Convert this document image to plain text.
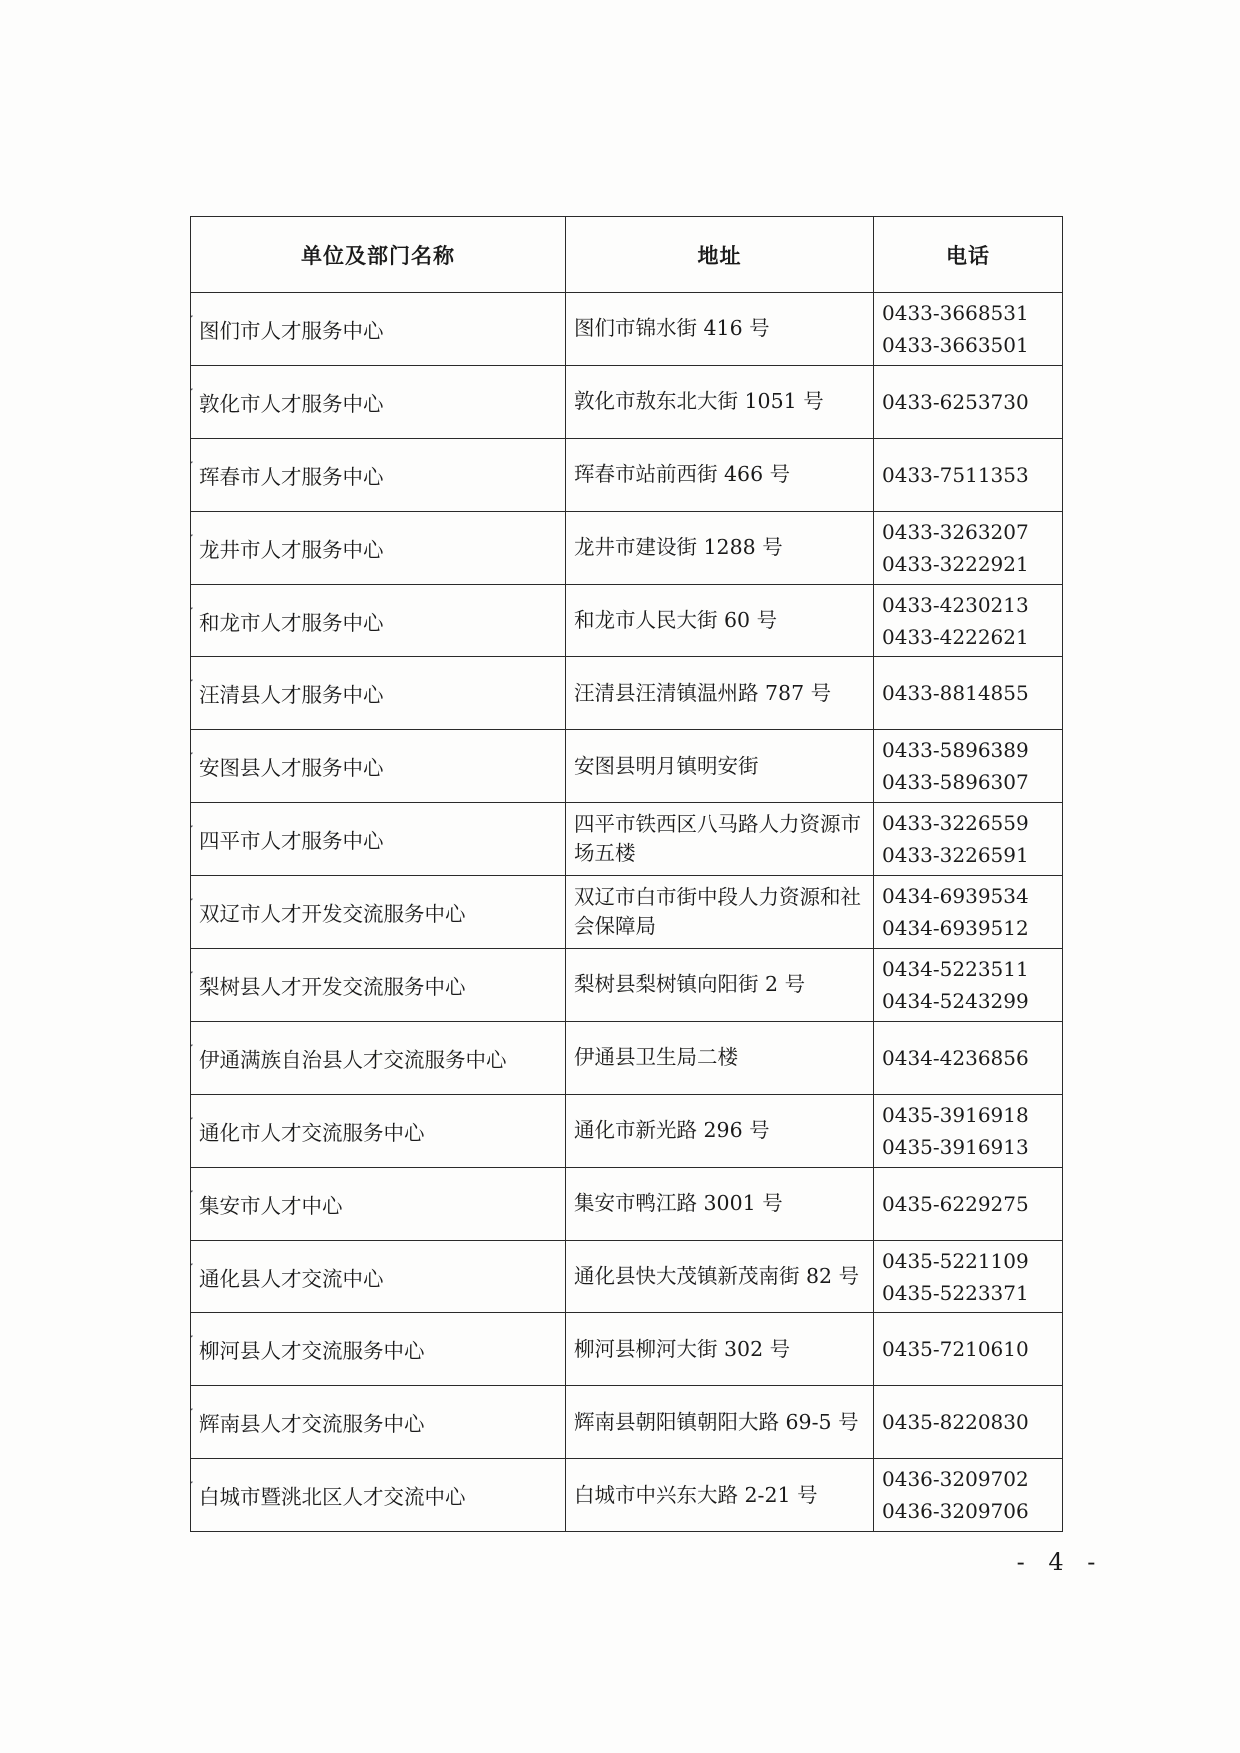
单位及部门名称	地址	电话

图们市人才服务中心	图们市锦水街 416 号	0433-3668531
0433-3663501

敦化市人才服务中心	敦化市敖东北大街 1051 号	0433-6253730

珲春市人才服务中心	珲春市站前西街 466 号	0433-7511353

龙井市人才服务中心	龙井市建设街 1288 号	0433-3263207
0433-3222921

和龙市人才服务中心	和龙市人民大街 60 号	0433-4230213
0433-4222621

汪清县人才服务中心	汪清县汪清镇温州路 787 号	0433-8814855

安图县人才服务中心	安图县明月镇明安街	0433-5896389
0433-5896307

四平市人才服务中心	四平市铁西区八马路人力资源市场五楼	0433-3226559
0433-3226591

双辽市人才开发交流服务中心	双辽市白市街中段人力资源和社会保障局	0434-6939534
0434-6939512

梨树县人才开发交流服务中心	梨树县梨树镇向阳街 2 号	0434-5223511
0434-5243299

伊通满族自治县人才交流服务中心	伊通县卫生局二楼	0434-4236856

通化市人才交流服务中心	通化市新光路 296 号	0435-3916918
0435-3916913

集安市人才中心	集安市鸭江路 3001 号	0435-6229275

通化县人才交流中心	通化县快大茂镇新茂南街 82 号	0435-5221109
0435-5223371

柳河县人才交流服务中心	柳河县柳河大街 302 号	0435-7210610

辉南县人才交流服务中心	辉南县朝阳镇朝阳大路 69-5 号	0435-8220830

白城市暨洮北区人才交流中心	白城市中兴东大路 2-21 号	0436-3209702
0436-3209706
- 4 -
